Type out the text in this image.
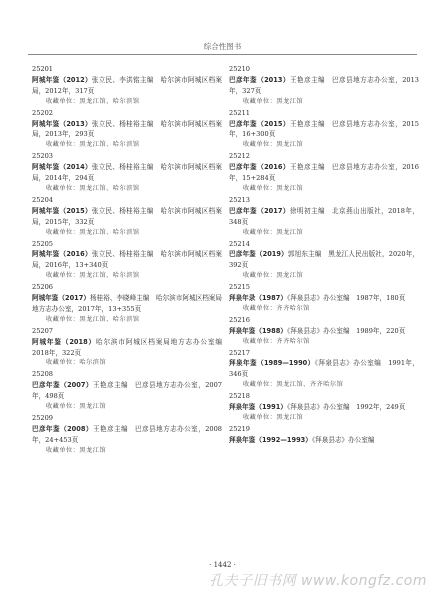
综合性图书
25201
阿城年鉴（2012）张立民、李洪铭主编　哈尔滨市阿城区档案局，2012年，317页
收藏单位：黑龙江馆、哈尔滨馆
25202
阿城年鉴（2013）张立民、杨桂裕主编　哈尔滨市阿城区档案局，2013年，293页
收藏单位：黑龙江馆、哈尔滨馆
25203
阿城年鉴（2014）张立民、杨桂裕主编　哈尔滨市阿城区档案局，2014年，294页
收藏单位：黑龙江馆、哈尔滨馆
25204
阿城年鉴（2015）张立民、杨桂裕主编　哈尔滨市阿城区档案局，2015年，332页
收藏单位：黑龙江馆、哈尔滨馆
25205
阿城年鉴（2016）张立民、杨桂裕主编　哈尔滨市阿城区档案局，2016年，13+340页
收藏单位：黑龙江馆、哈尔滨馆
25206
阿城年鉴（2017）杨桂裕、李晓峰主编　哈尔滨市阿城区档案局地方志办公室，2017年，13+355页
收藏单位：黑龙江馆、哈尔滨馆
25207
阿城年鉴（2018）哈尔滨市阿城区档案局地方志办公室编　2018年，322页
收藏单位：哈尔滨馆
25208
巴彦年鉴（2007）王艳彦主编　巴彦县地方志办公室，2007年，498页
收藏单位：黑龙江馆
25209
巴彦年鉴（2008）王艳彦主编　巴彦县地方志办公室，2008年，24+453页
收藏单位：黑龙江馆
25210
巴彦年鉴（2013）王艳彦主编　巴彦县地方志办公室，2013年，327页
收藏单位：黑龙江馆
25211
巴彦年鉴（2015）王艳彦主编　巴彦县地方志办公室，2015年，16+300页
收藏单位：黑龙江馆
25212
巴彦年鉴（2016）王艳彦主编　巴彦县地方志办公室，2016年，15+284页
收藏单位：黑龙江馆
25213
巴彦年鉴（2017）徐明初主编　北京燕山出版社，2018年，348页
收藏单位：黑龙江馆
25214
巴彦年鉴（2019）郭旭东主编　黑龙江人民出版社，2020年，392页
收藏单位：黑龙江馆
25215
拜泉年录（1987）《拜泉县志》办公室编　1987年，180页
收藏单位：齐齐哈尔馆
25216
拜泉年鉴（1988）《拜泉县志》办公室编　1989年，220页
收藏单位：齐齐哈尔馆
25217
拜泉年鉴（1989—1990）《拜泉县志》办公室编　1991年，346页
收藏单位：黑龙江馆、齐齐哈尔馆
25218
拜泉年鉴（1991）《拜泉县志》办公室编　1992年，249页
收藏单位：黑龙江馆
25219
拜泉年鉴（1992—1993）《拜泉县志》办公室编
· 1442 ·
孔夫子旧书网 www.kongfz.com
